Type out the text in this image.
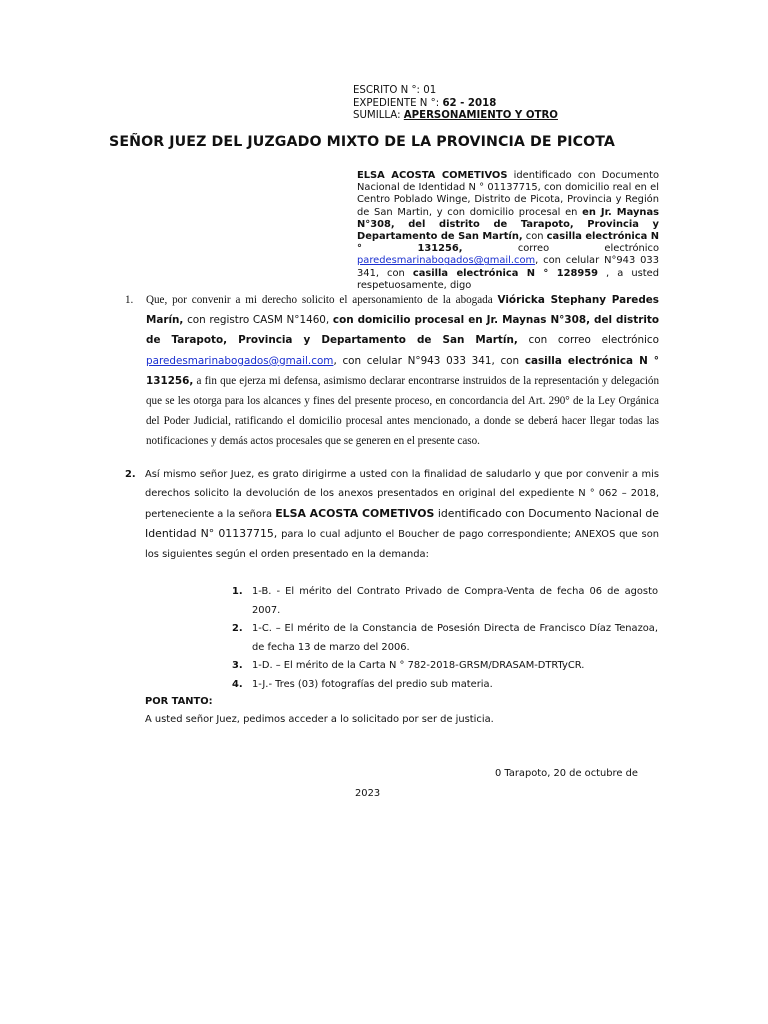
ESCRITO N °: 01
EXPEDIENTE N °: 62 - 2018
SUMILLA: APERSONAMIENTO Y OTRO
SEÑOR JUEZ DEL JUZGADO MIXTO DE LA PROVINCIA DE PICOTA
ELSA ACOSTA COMETIVOS identificado con Documento Nacional de Identidad N ° 01137715, con domicilio real en el Centro Poblado Winge, Distrito de Picota, Provincia y Región de San Martin, y con domicilio procesal en en Jr. Maynas N°308, del distrito de Tarapoto, Provincia y Departamento de San Martín, con casilla electrónica N ° 131256, correo electrónico paredesmarinabogados@gmail.com, con celular N°943 033 341, con casilla electrónica N ° 128959 , a usted respetuosamente, digo
1. Que, por convenir a mi derecho solicito el apersonamiento de la abogada Vióricka Stephany Paredes Marín, con registro CASM N°1460, con domicilio procesal en Jr. Maynas N°308, del distrito de Tarapoto, Provincia y Departamento de San Martín, con correo electrónico paredesmarinabogados@gmail.com, con celular N°943 033 341, con casilla electrónica N ° 131256, a fin que ejerza mi defensa, asimismo declarar encontrarse instruidos de la representación y delegación que se les otorga para los alcances y fines del presente proceso, en concordancia del Art. 290° de la Ley Orgánica del Poder Judicial, ratificando el domicilio procesal antes mencionado, a donde se deberá hacer llegar todas las notificaciones y demás actos procesales que se generen en el presente caso.
2. Así mismo señor Juez, es grato dirigirme a usted con la finalidad de saludarlo y que por convenir a mis derechos solicito la devolución de los anexos presentados en original del expediente N ° 062 – 2018, perteneciente a la señora ELSA ACOSTA COMETIVOS identificado con Documento Nacional de Identidad N° 01137715, para lo cual adjunto el Boucher de pago correspondiente; ANEXOS que son los siguientes según el orden presentado en la demanda:
1. 1-B. - El mérito del Contrato Privado de Compra-Venta de fecha 06 de agosto 2007.
2. 1-C. – El mérito de la Constancia de Posesión Directa de Francisco Díaz Tenazoa, de fecha 13 de marzo del 2006.
3. 1-D. – El mérito de la Carta N ° 782-2018-GRSM/DRASAM-DTRTyCR.
4. 1-J.- Tres (03) fotografías del predio sub materia.
POR TANTO:
A usted señor Juez, pedimos acceder a lo solicitado por ser de justicia.
0 Tarapoto, 20 de octubre de
2023
